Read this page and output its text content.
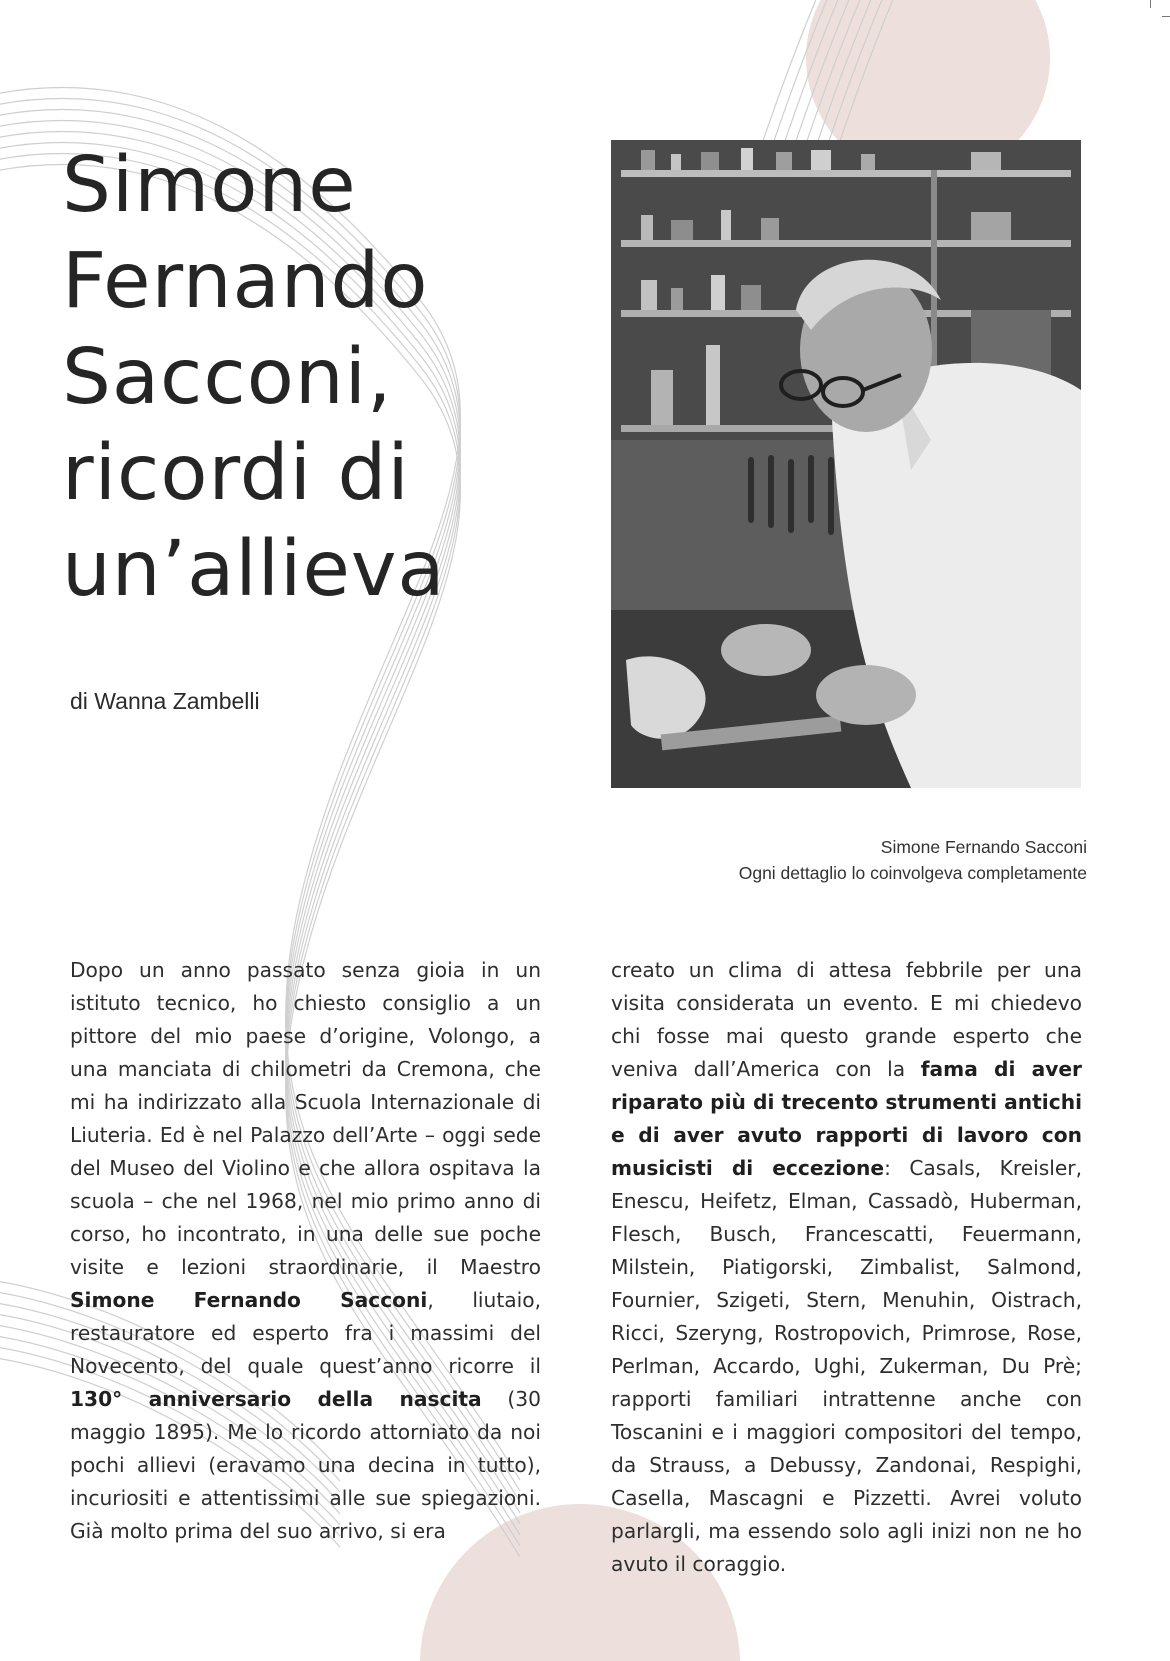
Simone
Fernando
Sacconi,
ricordi di
un’allieva

di Wanna Zambelli

Simone Fernando Sacconi
Ogni dettaglio lo coinvolgeva completamente

Dopo un anno passato senza gioia in un istituto tecnico, ho chiesto consiglio a un pittore del mio paese d’origine, Volongo, a una manciata di chilometri da Cremona, che mi ha indirizzato alla Scuola Internazionale di Liuteria. Ed è nel Palazzo dell’Arte – oggi sede del Museo del Violino e che allora ospitava la scuola – che nel 1968, nel mio primo anno di corso, ho incontrato, in una delle sue poche visite e lezioni straordinarie, il Maestro Simone Fernando Sacconi, liutaio, restauratore ed esperto fra i massimi del Novecento, del quale quest’anno ricorre il 130° anniversario della nascita (30 maggio 1895). Me lo ricordo attorniato da noi pochi allievi (eravamo una decina in tutto), incuriositi e attentissimi alle sue spiegazioni. Già molto prima del suo arrivo, si era

creato un clima di attesa febbrile per una visita considerata un evento. E mi chiedevo chi fosse mai questo grande esperto che veniva dall’America con la fama di aver riparato più di trecento strumenti antichi e di aver avuto rapporti di lavoro con musicisti di eccezione: Casals, Kreisler, Enescu, Heifetz, Elman, Cassadò, Huberman, Flesch, Busch, Francescatti, Feuermann, Milstein, Piatigorski, Zimbalist, Salmond, Fournier, Szigeti, Stern, Menuhin, Oistrach, Ricci, Szeryng, Rostropovich, Primrose, Rose, Perlman, Accardo, Ughi, Zukerman, Du Prè; rapporti familiari intrattenne anche con Toscanini e i maggiori compositori del tempo, da Strauss, a Debussy, Zandonai, Respighi, Casella, Mascagni e Pizzetti. Avrei voluto parlargli, ma essendo solo agli inizi non ne ho avuto il coraggio.
